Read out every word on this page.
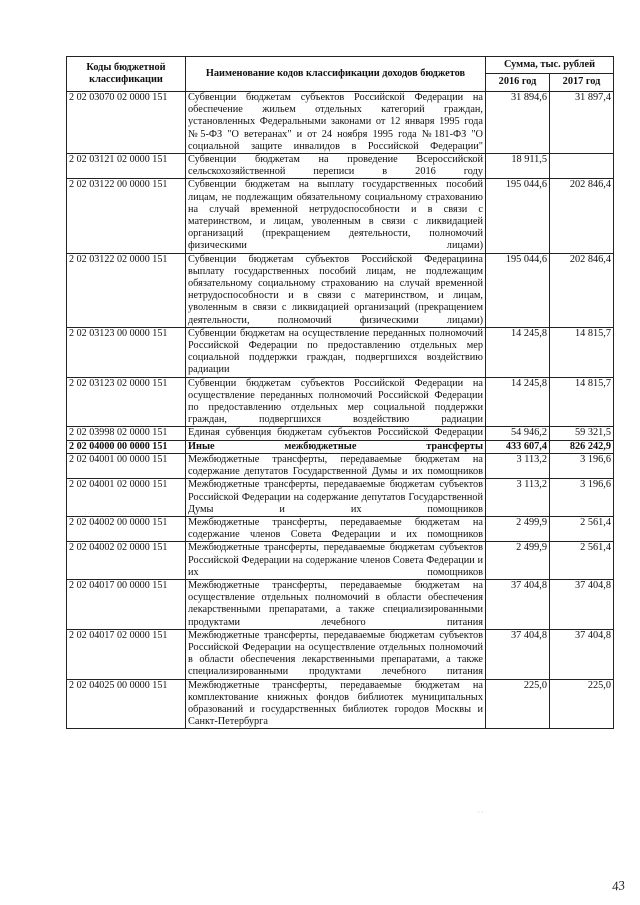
Коды бюджетной классификации	Наименование кодов классификации доходов бюджетов	Сумма, тыс. рублей	
		2016 год	2017 год
2 02 03070 02 0000 151	Субвенции бюджетам субъектов Российской Федерации на обеспечение жильем отдельных категорий граждан, установленных Федеральными законами от 12 января 1995 года №5-ФЗ "О ветеранах" и от 24 ноября 1995 года №181-ФЗ "О социальной защите инвалидов в Российской Федерации"	31 894,6	31 897,4
2 02 03121 02 0000 151	Субвенции бюджетам на проведение Всероссийской сельскохозяйственной переписи в 2016 году	18 911,5	
2 02 03122 00 0000 151	Субвенции бюджетам на выплату государственных пособий лицам, не подлежащим обязательному социальному страхованию на случай временной нетрудоспособности и в связи с материнством, и лицам, уволенным в связи с ликвидацией организаций (прекращением деятельности, полномочий физическими лицами)	195 044,6	202 846,4
2 02 03122 02 0000 151	Субвенции бюджетам субъектов Российской Федерациина выплату государственных пособий лицам, не подлежащим обязательному социальному страхованию на случай временной нетрудоспособности и в связи с материнством, и лицам, уволенным в связи с ликвидацией организаций (прекращением деятельности, полномочий физическими лицами)	195 044,6	202 846,4
2 02 03123 00 0000 151	Субвенции бюджетам на осуществление переданных полномочий Российской Федерации по предоставлению отдельных мер социальной поддержки граждан, подвергшихся воздействию радиации	14 245,8	14 815,7
2 02 03123 02 0000 151	Субвенции бюджетам субъектов Российской Федерации на осуществление переданных полномочий Российской Федерации по предоставлению отдельных мер социальной поддержки граждан, подвергшихся воздействию радиации	14 245,8	14 815,7
2 02 03998 02 0000 151	Единая субвенция бюджетам субъектов Российской Федерации	54 946,2	59 321,5
2 02 04000 00 0000 151	Иные межбюджетные трансферты	433 607,4	826 242,9
2 02 04001 00 0000 151	Межбюджетные трансферты, передаваемые бюджетам на содержание депутатов Государственной Думы и их помощников	3 113,2	3 196,6
2 02 04001 02 0000 151	Межбюджетные трансферты, передаваемые бюджетам субъектов Российской Федерации на содержание депутатов Государственной Думы и их помощников	3 113,2	3 196,6
2 02 04002 00 0000 151	Межбюджетные трансферты, передаваемые бюджетам на содержание членов Совета Федерации и их помощников	2 499,9	2 561,4
2 02 04002 02 0000 151	Межбюджетные трансферты, передаваемые бюджетам субъектов Российской Федерации на содержание членов Совета Федерации и их помощников	2 499,9	2 561,4
2 02 04017 00 0000 151	Межбюджетные трансферты, передаваемые бюджетам на осуществление отдельных полномочий в области обеспечения лекарственными препаратами, а также специализированными продуктами лечебного питания	37 404,8	37 404,8
2 02 04017 02 0000 151	Межбюджетные трансферты, передаваемые бюджетам субъектов Российской Федерации на осуществление отдельных полномочий в области обеспечения лекарственными препаратами, а также специализированными продуктами лечебного питания	37 404,8	37 404,8
2 02 04025 00 0000 151	Межбюджетные трансферты, передаваемые бюджетам на комплектование книжных фондов библиотек муниципальных образований и государственных библиотек городов Москвы и Санкт-Петербурга	225,0	225,0
· ·
43
